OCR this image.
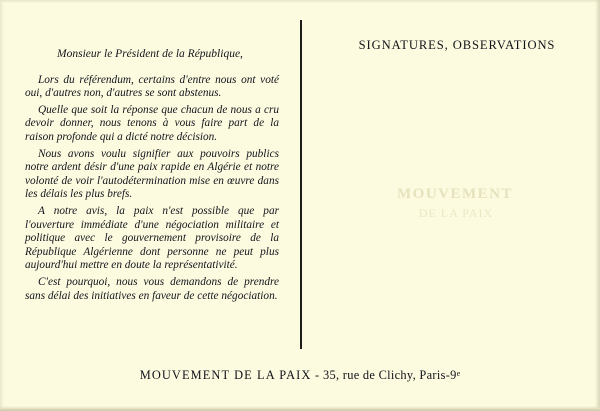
MOUVEMENT
DE LA PAIX

Monsieur le Président de la République,

Lors du référendum, certains d'entre nous ont voté oui, d'autres non, d'autres se sont abstenus.

Quelle que soit la réponse que chacun de nous a cru devoir donner, nous tenons à vous faire part de la raison profonde qui a dicté notre décision.

Nous avons voulu signifier aux pouvoirs publics notre ardent désir d'une paix rapide en Algérie et notre volonté de voir l'autodétermination mise en œuvre dans les délais les plus brefs.

A notre avis, la paix n'est possible que par l'ouverture immédiate d'une négociation militaire et politique avec le gouvernement provisoire de la République Algérienne dont personne ne peut plus aujourd'hui mettre en doute la représentativité.

C'est pourquoi, nous vous demandons de prendre sans délai des initiatives en faveur de cette négociation.

SIGNATURES, OBSERVATIONS
MOUVEMENT DE LA PAIX - 35, rue de Clichy, Paris-9e
